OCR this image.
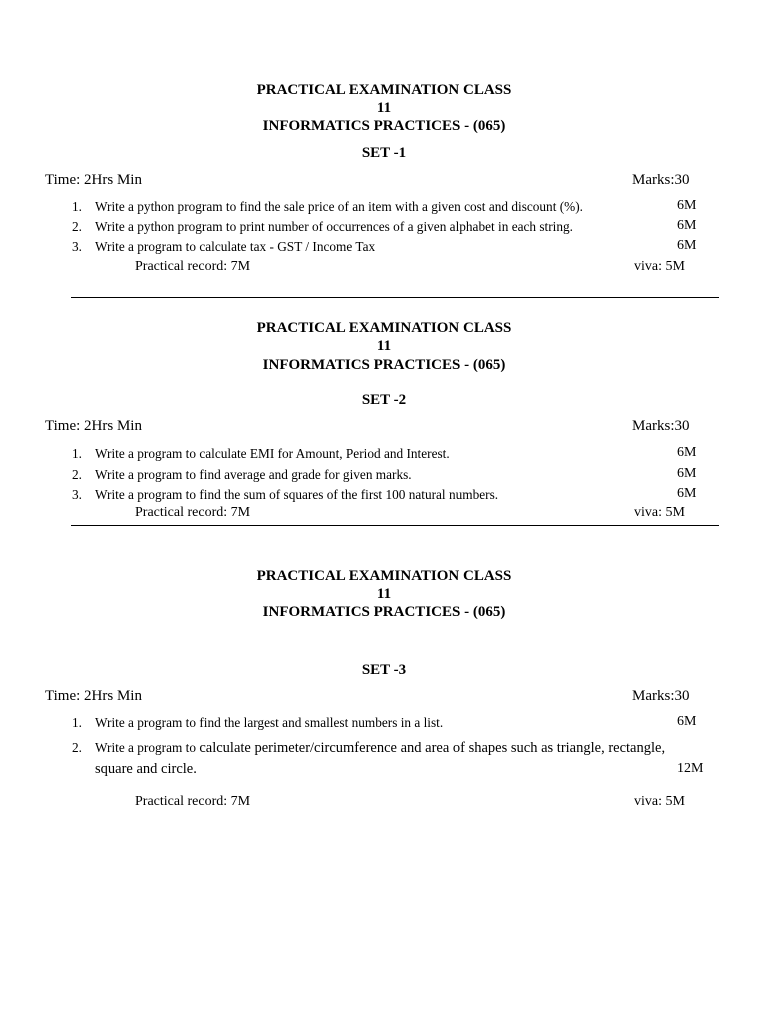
PRACTICAL EXAMINATION CLASS
11
INFORMATICS PRACTICES - (065)
SET -1
Time: 2Hrs Min	Marks:30
1. Write a python program to find the sale price of an item with a given cost and discount (%).	6M
2. Write a python program to print number of occurrences of a given alphabet in each string.	6M
3. Write a program to calculate tax - GST / Income Tax	6M
Practical record: 7M	viva: 5M
PRACTICAL EXAMINATION CLASS
11
INFORMATICS PRACTICES - (065)
SET -2
Time: 2Hrs Min	Marks:30
1. Write a program to calculate EMI for Amount, Period and Interest.	6M
2. Write a program to find average and grade for given marks.	6M
3. Write a program to find the sum of squares of the first 100 natural numbers.	6M
Practical record: 7M	viva: 5M
PRACTICAL EXAMINATION CLASS
11
INFORMATICS PRACTICES - (065)
SET -3
Time: 2Hrs Min	Marks:30
1. Write a program to find the largest and smallest numbers in a list.	6M
2. Write a program to calculate perimeter/circumference and area of shapes such as triangle, rectangle,
square and circle.	12M
Practical record: 7M	viva: 5M
